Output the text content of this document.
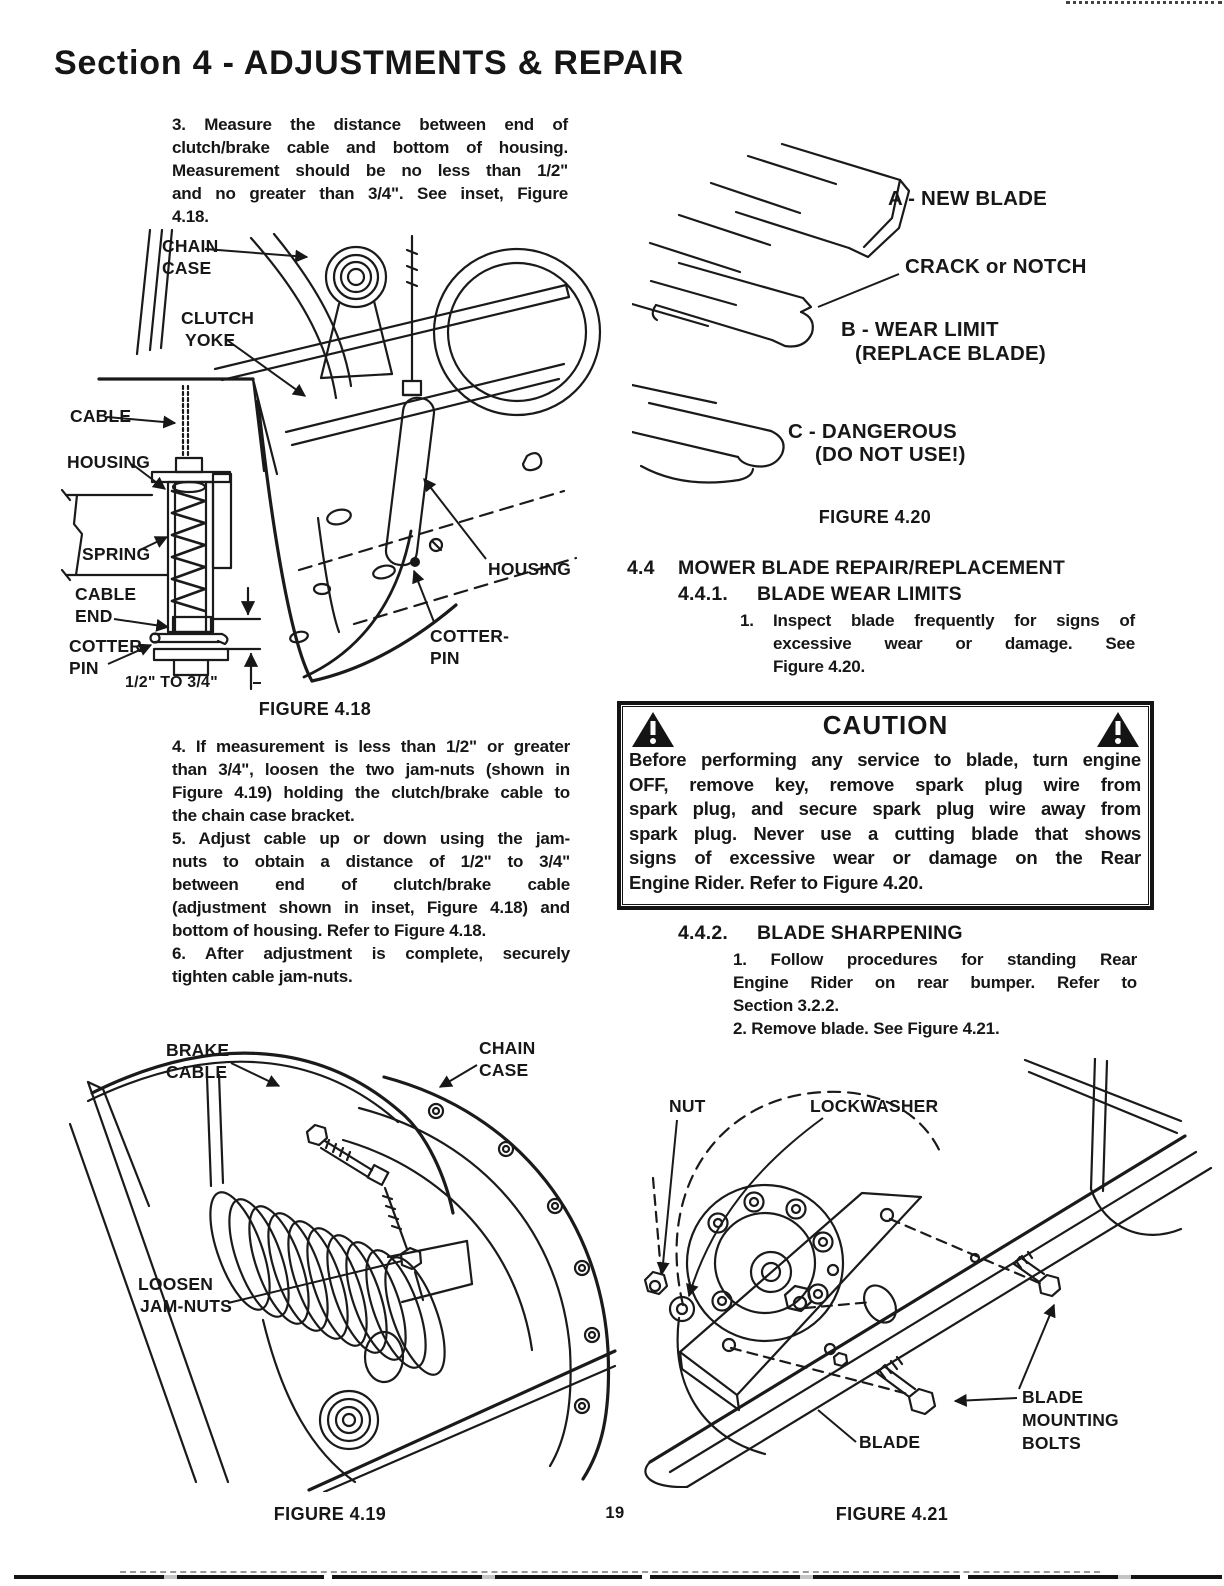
Section 4 - ADJUSTMENTS & REPAIR
3. Measure the distance between end of
clutch/brake cable and bottom of housing.
Measurement should be no less than 1/2"
and no greater than 3/4". See inset, Figure
4.18.
CHAIN
CASE
CLUTCH
YOKE
CABLE
HOUSING
SPRING
CABLE
END
COTTER-
PIN
1/2" TO 3/4"
HOUSING
COTTER-
PIN
FIGURE 4.18
4. If measurement is less than 1/2" or greater
than 3/4", loosen the two jam-nuts (shown in
Figure 4.19) holding the clutch/brake cable to
the chain case bracket.
5. Adjust cable up or down using the jam-
nuts to obtain a distance of 1/2" to 3/4"
between end of clutch/brake cable
(adjustment shown in inset, Figure 4.18) and
bottom of housing. Refer to Figure 4.18.
6. After adjustment is complete, securely
tighten cable jam-nuts.
BRAKE
CABLE
CHAIN
CASE
LOOSEN
JAM-NUTS
FIGURE 4.19
A - NEW BLADE
CRACK or NOTCH
B - WEAR LIMIT
(REPLACE BLADE)
C - DANGEROUS
(DO NOT USE!)
FIGURE 4.20
4.4 MOWER BLADE REPAIR/REPLACEMENT
4.4.1. BLADE WEAR LIMITS
1. Inspect blade frequently for signs of
excessive wear or damage. See
Figure 4.20.
CAUTION
Before performing any service to blade, turn engine
OFF, remove key, remove spark plug wire from
spark plug, and secure spark plug wire away from
spark plug. Never use a cutting blade that shows
signs of excessive wear or damage on the Rear
Engine Rider. Refer to Figure 4.20.
4.4.2. BLADE SHARPENING
1. Follow procedures for standing Rear
Engine Rider on rear bumper. Refer to
Section 3.2.2.
2. Remove blade. See Figure 4.21.
NUT	LOCKWASHER
BLADE
BLADE
MOUNTING
BOLTS
FIGURE 4.21
19
